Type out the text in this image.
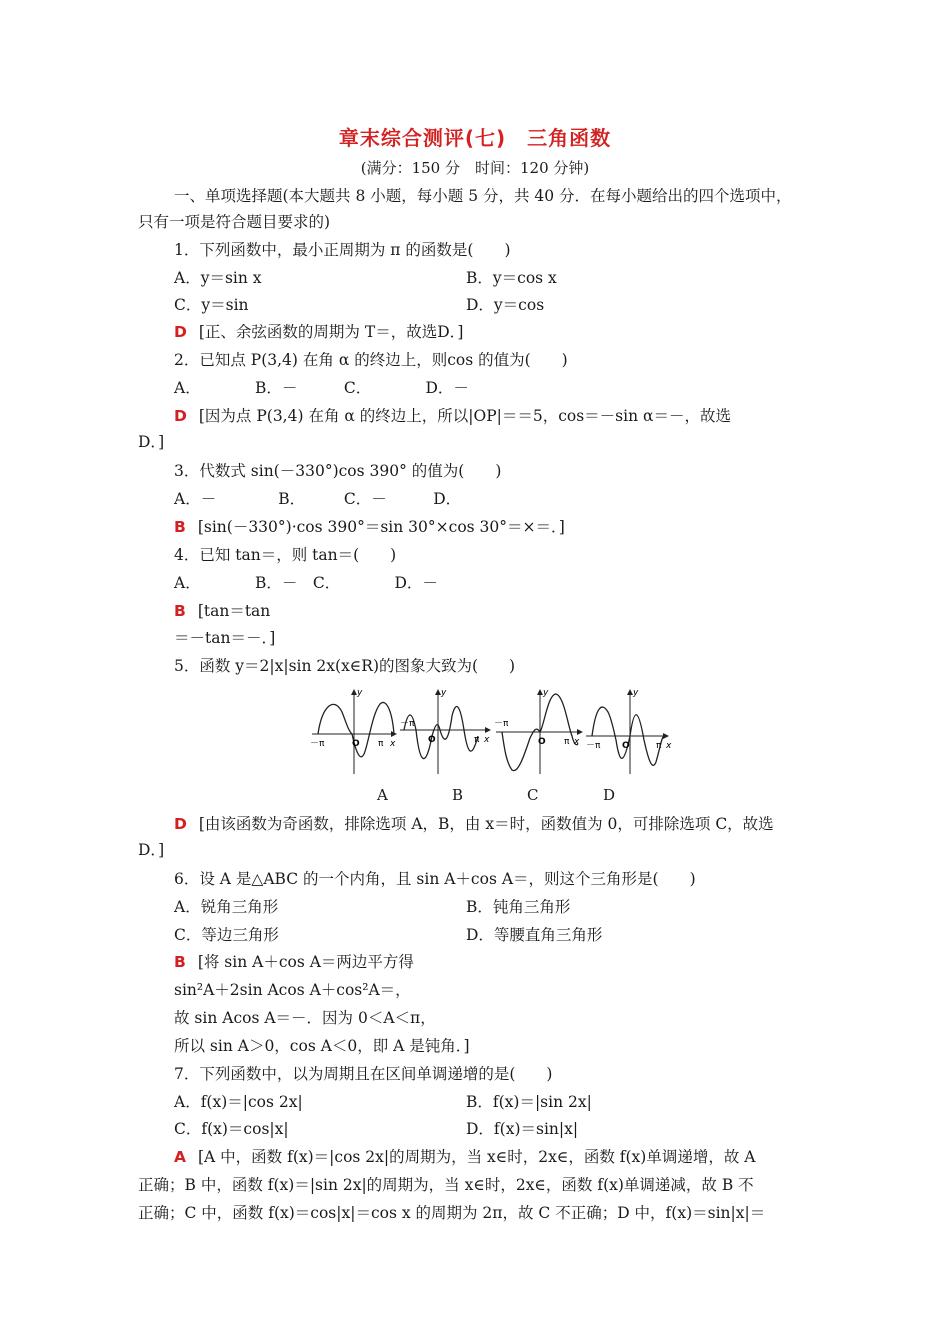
章末综合测评(七)　三角函数
(满分：150 分　时间：120 分钟)
一、单项选择题(本大题共 8 小题，每小题 5 分，共 40 分．在每小题给出的四个选项中，
只有一项是符合题目要求的)
1．下列函数中，最小正周期为 π 的函数是(　　)
A．y＝sin x	B．y＝cos x
C．y＝sin	D．y＝cos
D [正、余弦函数的周期为 T＝，故选D．]
2．已知点 P(3,4) 在角 α 的终边上，则cos 的值为(　　)
A．　　　　B．－　　　C．　　　　D．－
D [因为点 P(3,4) 在角 α 的终边上，所以|OP|＝＝5，cos＝－sin α＝－，故选
D．]
3．代数式 sin(－330°)cos 390° 的值为(　　)
A．－　　　　B．　　　C．－　　　D．
B [sin(－330°)·cos 390°＝sin 30°×cos 30°＝×＝．]
4．已知 tan＝，则 tan＝(　　)
A．　　　　B．－　C．　　　　D．－
B [tan＝tan
＝－tan＝－．]
5．函数 y＝2|x|sin 2x(x∈R)的图象大致为(　　)
－π	O π x
y
－π
O	π x
y
－π
O π x
y
－π O	π x
y
A	B	C	D
D [由该函数为奇函数，排除选项 A，B，由 x＝时，函数值为 0，可排除选项 C，故选
D．]
6．设 A 是△ABC 的一个内角，且 sin A＋cos A＝，则这个三角形是(　　)
A．锐角三角形	B．钝角三角形
C．等边三角形	D．等腰直角三角形
B [将 sin A＋cos A＝两边平方得
sin²A＋2sin Acos A＋cos²A＝，
故 sin Acos A＝－．因为 0＜A＜π，
所以 sin A＞0，cos A＜0，即 A 是钝角．]
7．下列函数中，以为周期且在区间单调递增的是(　　)
A．f(x)＝|cos 2x|	B．f(x)＝|sin 2x|
C．f(x)＝cos|x|	D．f(x)＝sin|x|
A [A 中，函数 f(x)＝|cos 2x|的周期为，当 x∈时，2x∈，函数 f(x)单调递增，故 A
正确；B 中，函数 f(x)＝|sin 2x|的周期为，当 x∈时，2x∈，函数 f(x)单调递减，故 B 不
正确；C 中，函数 f(x)＝cos|x|＝cos x 的周期为 2π，故 C 不正确；D 中，f(x)＝sin|x|＝
